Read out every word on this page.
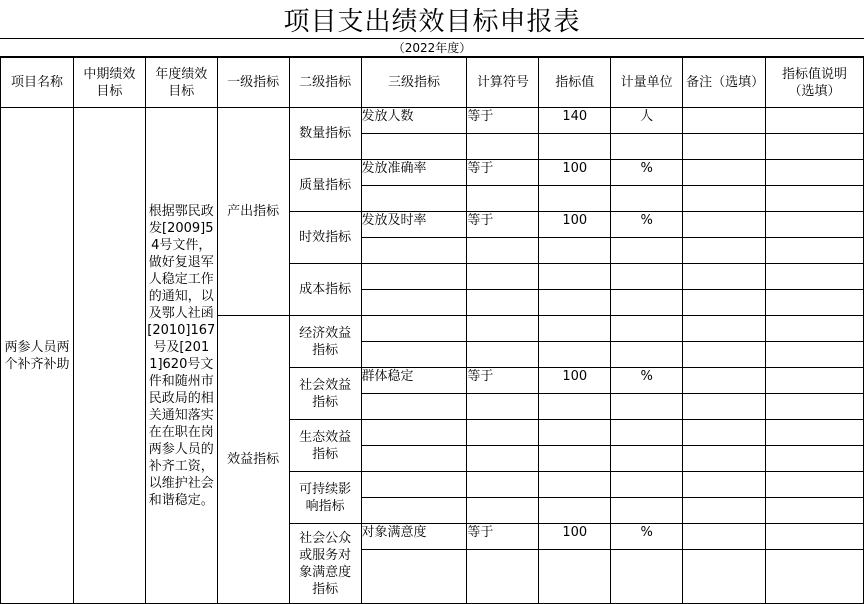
项目支出绩效目标申报表
（2022年度）
项目名称	中期绩效目标	年度绩效目标	一级指标	二级指标	三级指标	计算符号	指标值	计量单位	备注（选填）	指标值说明（选填）

两参人员两个补齐补助		根据鄂民政发[2009]54号文件，做好复退军人稳定工作的通知，以及鄂人社函[2010]167号及[2011]620号文件和随州市民政局的相关通知落实在在职在岗两参人员的补齐工资，以维护社会和谐稳定。	产出指标	数量指标	发放人数	等于	140	人		

				质量指标	发放准确率	等于	100	%		

				时效指标	发放及时率	等于	100	%		

				成本指标						

			效益指标	经济效益指标						

				社会效益指标	群体稳定	等于	100	%		

				生态效益指标						

				可持续影响指标						

				社会公众或服务对象满意度指标	对象满意度	等于	100	%		
